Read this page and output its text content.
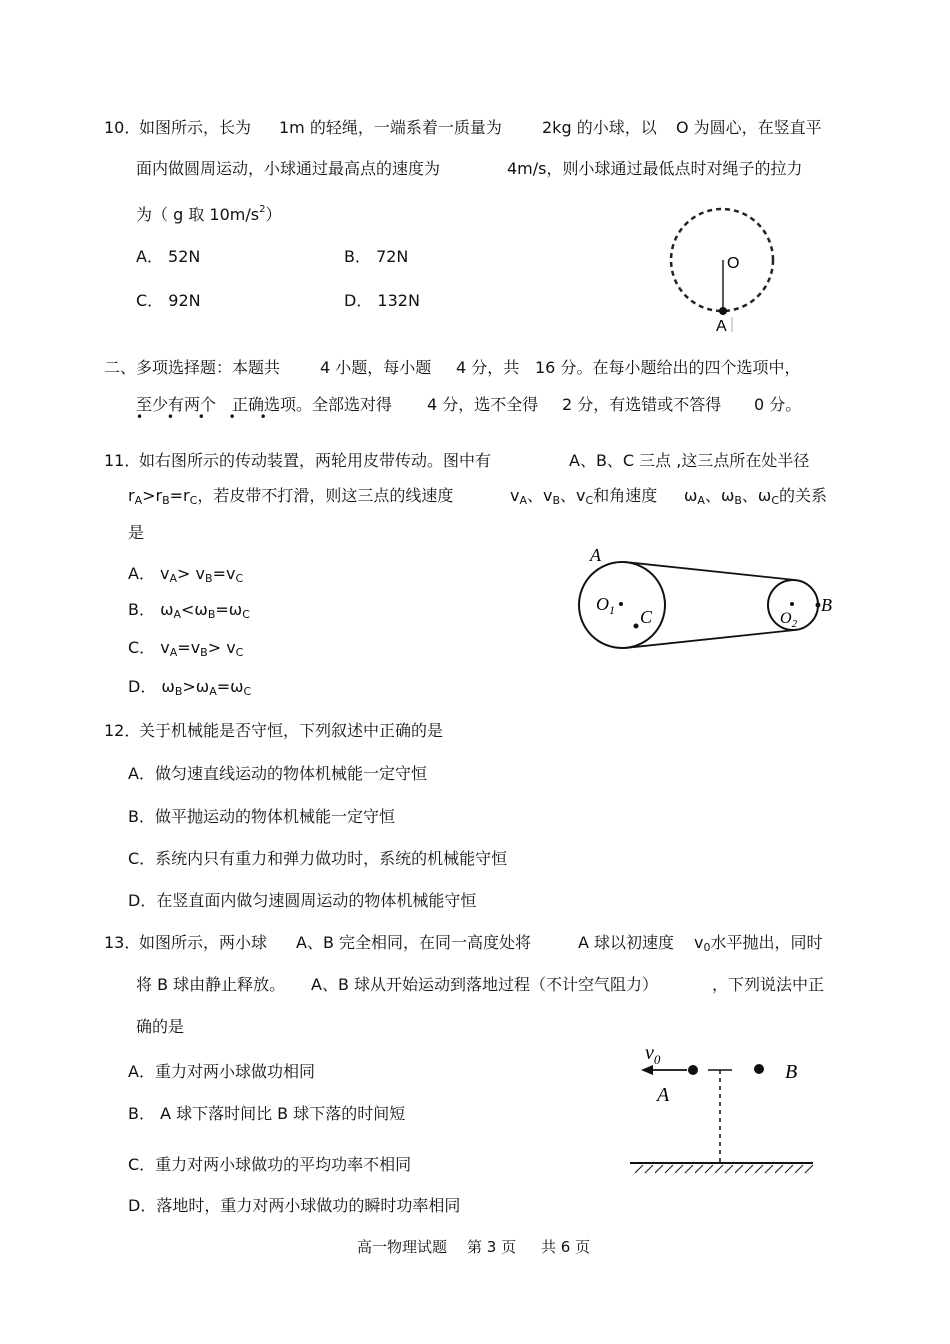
10．
如图所示，长为 1m 的轻绳，一端系着一质量为	2kg 的小球，以 O 为圆心，在竖直平
面内做圆周运动，小球通过最高点的速度为	4m/s，则小球通过最低点时对绳子的拉力
为（ g 取 $10m/s^2$）
A． 52N	B． 72N
C． 92N	D． 132N
O
A
二、多项选择题：本题共 4 小题，每小题 4 分，共 16 分。在每小题给出的四个选项中，
至少有两个
• • • • •
正确选项。全部选对得 4 分，选不全得 2 分，有选错或不答得 0 分。
11．
如右图所示的传动装置，两轮用皮带传动。图中有	A、B、C 三点 ,这三点所在处半径
$r_A>r_B=r_C$，若皮带不打滑，则这三点的线速度	$v_A$、$v_B$、$v_C$和角速度 $\omega_A$、$\omega_B$、$\omega_C$的关系
是
A． $v_A> v_B=v_C$
B． $\omega_A<\omega_B=\omega_C$
C． $v_A=v_B> v_C$
D． $\omega_B>\omega_A=\omega_C$
A
$O_1$ C	$O_2$
B
12．
关于机械能是否守恒，下列叙述中正确的是
A．做匀速直线运动的物体机械能一定守恒
B．做平抛运动的物体机械能一定守恒
C．系统内只有重力和弹力做功时，系统的机械能守恒
D．在竖直面内做匀速圆周运动的物体机械能守恒
13．
如图所示，两小球 A、B 完全相同，在同一高度处将	A 球以初速度 $v_0$水平抛出，同时
将 B 球由静止释放。 A、B 球从开始运动到落地过程（不计空气阻力）	，下列说法中正
确的是
A．重力对两小球做功相同
B． A 球下落时间比 B 球下落的时间短
C．重力对两小球做功的平均功率不相同
D．落地时，重力对两小球做功的瞬时功率相同
$v_0$
A
B
高一物理试题 第 3 页 共 6 页
